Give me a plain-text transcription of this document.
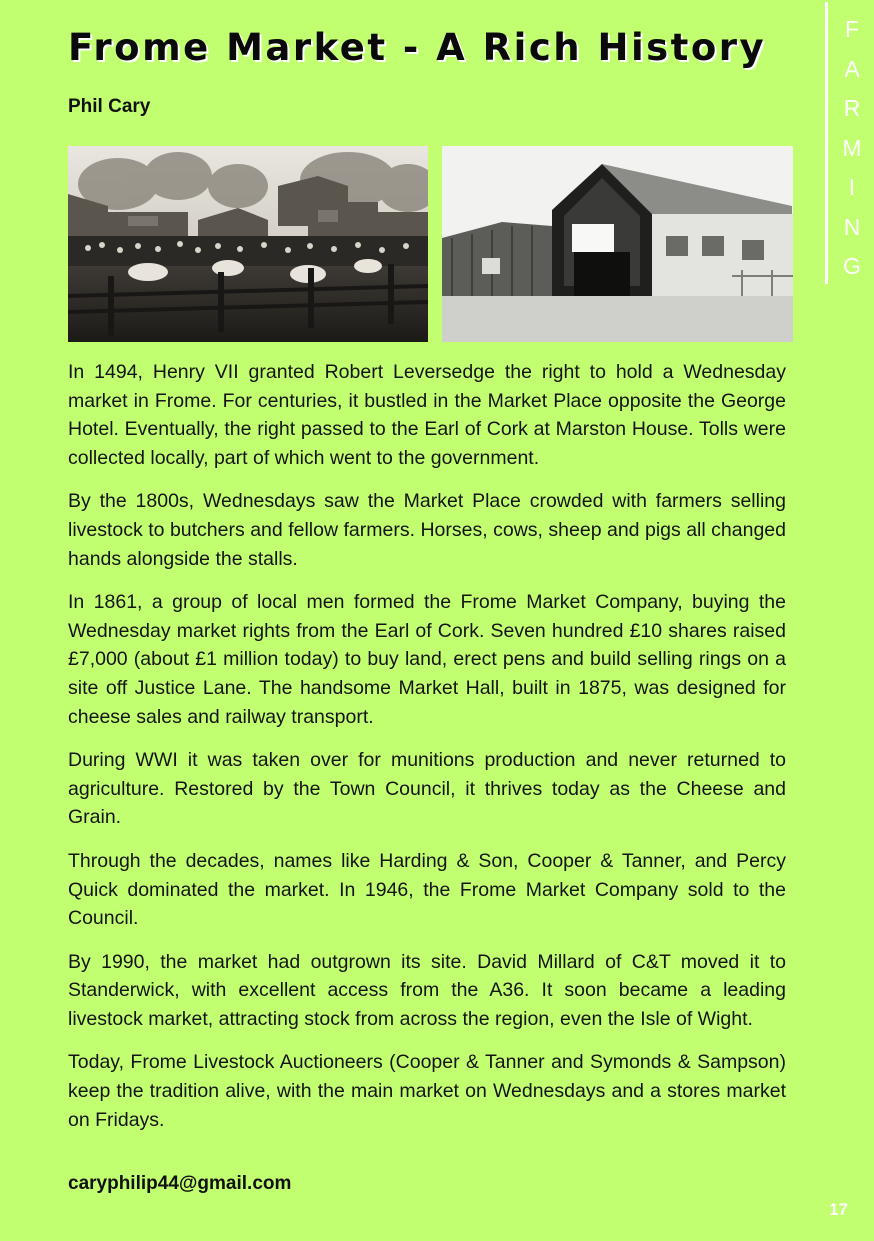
Frome Market - A Rich History

Phil Cary

F
A
R
M
I
N
G

In 1494, Henry VII granted Robert Leversedge the right to hold a Wednesday market in Frome. For centuries, it bustled in the Market Place opposite the George Hotel. Eventually, the right passed to the Earl of Cork at Marston House. Tolls were collected locally, part of which went to the government.

By the 1800s, Wednesdays saw the Market Place crowded with farmers selling livestock to butchers and fellow farmers. Horses, cows, sheep and pigs all changed hands alongside the stalls.

In 1861, a group of local men formed the Frome Market Company, buying the Wednesday market rights from the Earl of Cork. Seven hundred £10 shares raised £7,000 (about £1 million today) to buy land, erect pens and build selling rings on a site off Justice Lane. The handsome Market Hall, built in 1875, was designed for cheese sales and railway transport.

During WWI it was taken over for munitions production and never returned to agriculture. Restored by the Town Council, it thrives today as the Cheese and Grain.

Through the decades, names like Harding & Son, Cooper & Tanner, and Percy Quick dominated the market. In 1946, the Frome Market Company sold to the Council.

By 1990, the market had outgrown its site. David Millard of C&T moved it to Standerwick, with excellent access from the A36. It soon became a leading livestock market, attracting stock from across the region, even the Isle of Wight.

Today, Frome Livestock Auctioneers (Cooper & Tanner and Symonds & Sampson) keep the tradition alive, with the main market on Wednesdays and a stores market on Fridays.

caryphilip44@gmail.com

17
